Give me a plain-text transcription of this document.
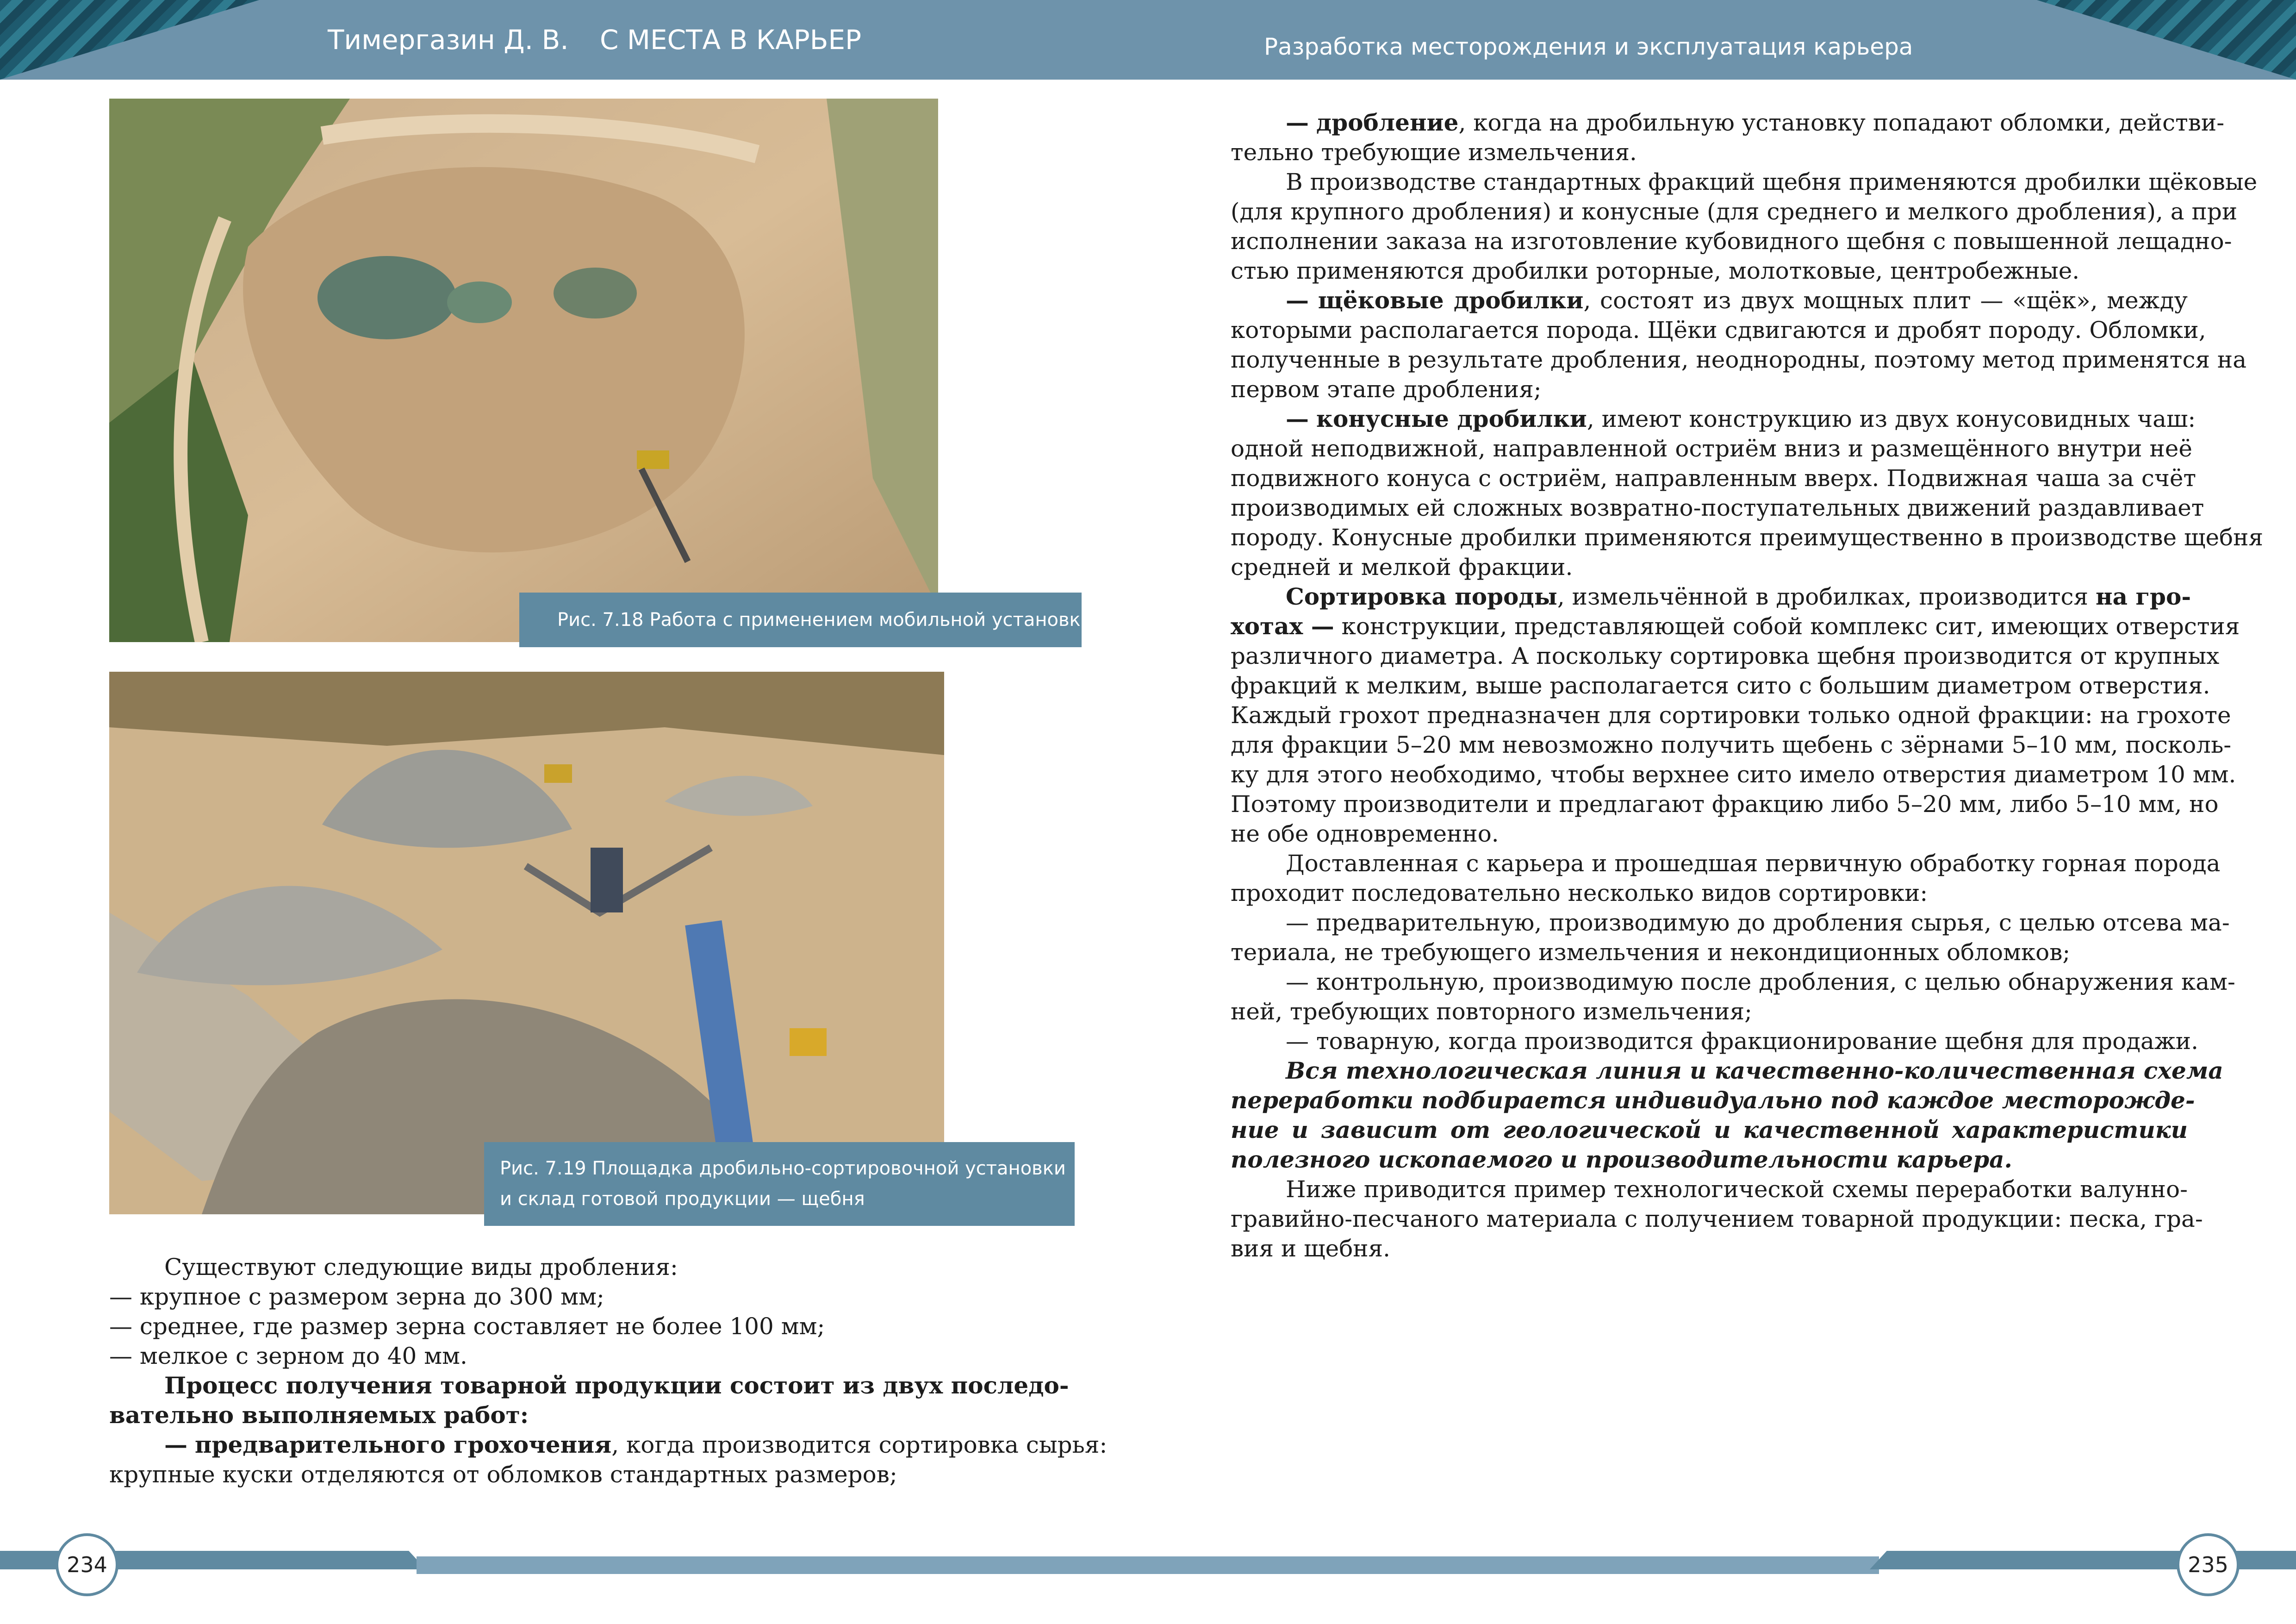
Тимергазин Д. В. С МЕСТА В КАРЬЕР	Разработка месторождения и эксплуатация карьера
Рис. 7.18 Работа с применением мобильной установки
Рис. 7.19 Площадка дробильно-сортировочной установки
и склад готовой продукции — щебня
Существуют следующие виды дробления:
— крупное с размером зерна до 300 мм;
— среднее, где размер зерна составляет не более 100 мм;
— мелкое с зерном до 40 мм.
Процесс получения товарной продукции состоит из двух последо-
вательно выполняемых работ:
— предварительного грохочения, когда производится сортировка сырья:
крупные куски отделяются от обломков стандартных размеров;
— дробление, когда на дробильную установку попадают обломки, действи-
тельно требующие измельчения.
В производстве стандартных фракций щебня применяются дробилки щёковые
(для крупного дробления) и конусные (для среднего и мелкого дробления), а при
исполнении заказа на изготовление кубовидного щебня с повышенной лещадно-
стью применяются дробилки роторные, молотковые, центробежные.
— щёковые дробилки, состоят из двух мощных плит — «щёк», между
которыми располагается порода. Щёки сдвигаются и дробят породу. Обломки,
полученные в результате дробления, неоднородны, поэтому метод применятся на
первом этапе дробления;
— конусные дробилки, имеют конструкцию из двух конусовидных чаш:
одной неподвижной, направленной остриём вниз и размещённого внутри неё
подвижного конуса с остриём, направленным вверх. Подвижная чаша за счёт
производимых ей сложных возвратно-поступательных движений раздавливает
породу. Конусные дробилки применяются преимущественно в производстве щебня
средней и мелкой фракции.
Сортировка породы, измельчённой в дробилках, производится на гро-
хотах — конструкции, представляющей собой комплекс сит, имеющих отверстия
различного диаметра. А поскольку сортировка щебня производится от крупных
фракций к мелким, выше располагается сито с большим диаметром отверстия.
Каждый грохот предназначен для сортировки только одной фракции: на грохоте
для фракции 5–20 мм невозможно получить щебень с зёрнами 5–10 мм, посколь-
ку для этого необходимо, чтобы верхнее сито имело отверстия диаметром 10 мм.
Поэтому производители и предлагают фракцию либо 5–20 мм, либо 5–10 мм, но
не обе одновременно.
Доставленная с карьера и прошедшая первичную обработку горная порода
проходит последовательно несколько видов сортировки:
— предварительную, производимую до дробления сырья, с целью отсева ма-
териала, не требующего измельчения и некондиционных обломков;
— контрольную, производимую после дробления, с целью обнаружения кам-
ней, требующих повторного измельчения;
— товарную, когда производится фракционирование щебня для продажи.
Вся технологическая линия и качественно-количественная схема
переработки подбирается индивидуально под каждое месторожде-
ние и зависит от геологической и качественной характеристики
полезного ископаемого и производительности карьера.
Ниже приводится пример технологической схемы переработки валунно-
гравийно-песчаного материала с получением товарной продукции: песка, гра-
вия и щебня.
234	235
